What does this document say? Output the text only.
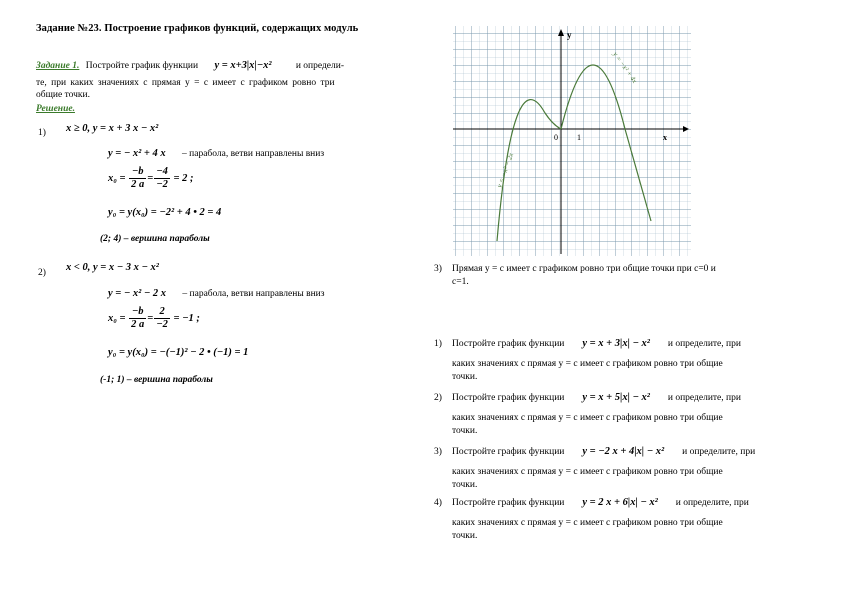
Задание №23. Построение графиков функций, содержащих модуль
Задание 1. Постройте график функции y = x+3|x|−x²	и определи-
те, при каких значениях с прямая y = c имеет с графиком ровно три
общие точки.
Решение.
1) x ≥ 0, y = x + 3 x − x²
y = − x² + 4 x – парабола, ветви направлены вниз
$x_0 = \frac{-b}{2 a} = \frac{-4}{-2} = 2$ ;
y₀ = y(x₀) = −2² + 4 • 2 = 4
(2; 4) – вершина параболы
2) x < 0, y = x − 3 x − x²
y = − x² − 2 x – парабола, ветви направлены вниз
$x_0 = \frac{-b}{2 a} = \frac{2}{-2} = -1$ ;
y₀ = y(x₀) = −(−1)² − 2 • (−1) = 1
(-1; 1) – вершина параболы
y
x
0 1
y = −x² + 4x
y = −x² − 2x
3) Прямая y = c имеет с графиком ровно три общие точки при c=0 и
c=1.
1) Постройте график функции y = x + 3|x| − x² и определите, при
каких значениях с прямая y = c имеет с графиком ровно три общие
точки.
2) Постройте график функции y = x + 5|x| − x² и определите, при
каких значениях с прямая y = c имеет с графиком ровно три общие
точки.
3) Постройте график функции y = −2 x + 4|x| − x² и определите, при
каких значениях с прямая y = c имеет с графиком ровно три общие
точки.
4) Постройте график функции y = 2 x + 6|x| − x² и определите, при
каких значениях с прямая y = c имеет с графиком ровно три общие
точки.
